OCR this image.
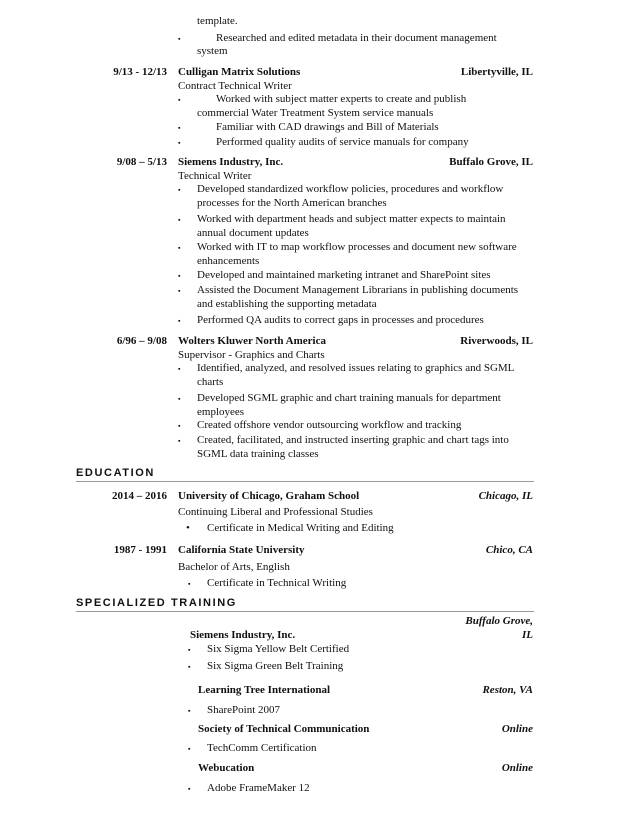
template.
▪	Researched and edited metadata in their document management
system
9/13 - 12/13 Culligan Matrix Solutions	Libertyville, IL
Contract Technical Writer
▪	Worked with subject matter experts to create and publish
commercial Water Treatment System service manuals
▪	Familiar with CAD drawings and Bill of Materials
▪	Performed quality audits of service manuals for company
9/08 – 5/13 Siemens Industry, Inc.	Buffalo Grove, IL
Technical Writer
▪ Developed standardized workflow policies, procedures and workflow
processes for the North American branches
▪ Worked with department heads and subject matter expects to maintain
annual document updates
▪ Worked with IT to map workflow processes and document new software
enhancements
▪ Developed and maintained marketing intranet and SharePoint sites
▪ Assisted the Document Management Librarians in publishing documents
and establishing the supporting metadata
▪ Performed QA audits to correct gaps in processes and procedures
6/96 – 9/08 Wolters Kluwer North America	Riverwoods, IL
Supervisor - Graphics and Charts
▪ Identified, analyzed, and resolved issues relating to graphics and SGML
charts
▪ Developed SGML graphic and chart training manuals for department
employees
▪ Created offshore vendor outsourcing workflow and tracking
▪ Created, facilitated, and instructed inserting graphic and chart tags into
SGML data training classes
EDUCATION
2014 – 2016 University of Chicago, Graham School	Chicago, IL
Continuing Liberal and Professional Studies
• Certificate in Medical Writing and Editing
1987 - 1991 California State University	Chico, CA
Bachelor of Arts, English
▪ Certificate in Technical Writing
SPECIALIZED TRAINING
Buffalo Grove,
Siemens Industry, Inc.	IL
▪ Six Sigma Yellow Belt Certified
▪ Six Sigma Green Belt Training
Learning Tree International	Reston, VA
▪ SharePoint 2007
Society of Technical Communication	Online
▪ TechComm Certification
Webucation	Online
▪ Adobe FrameMaker 12
